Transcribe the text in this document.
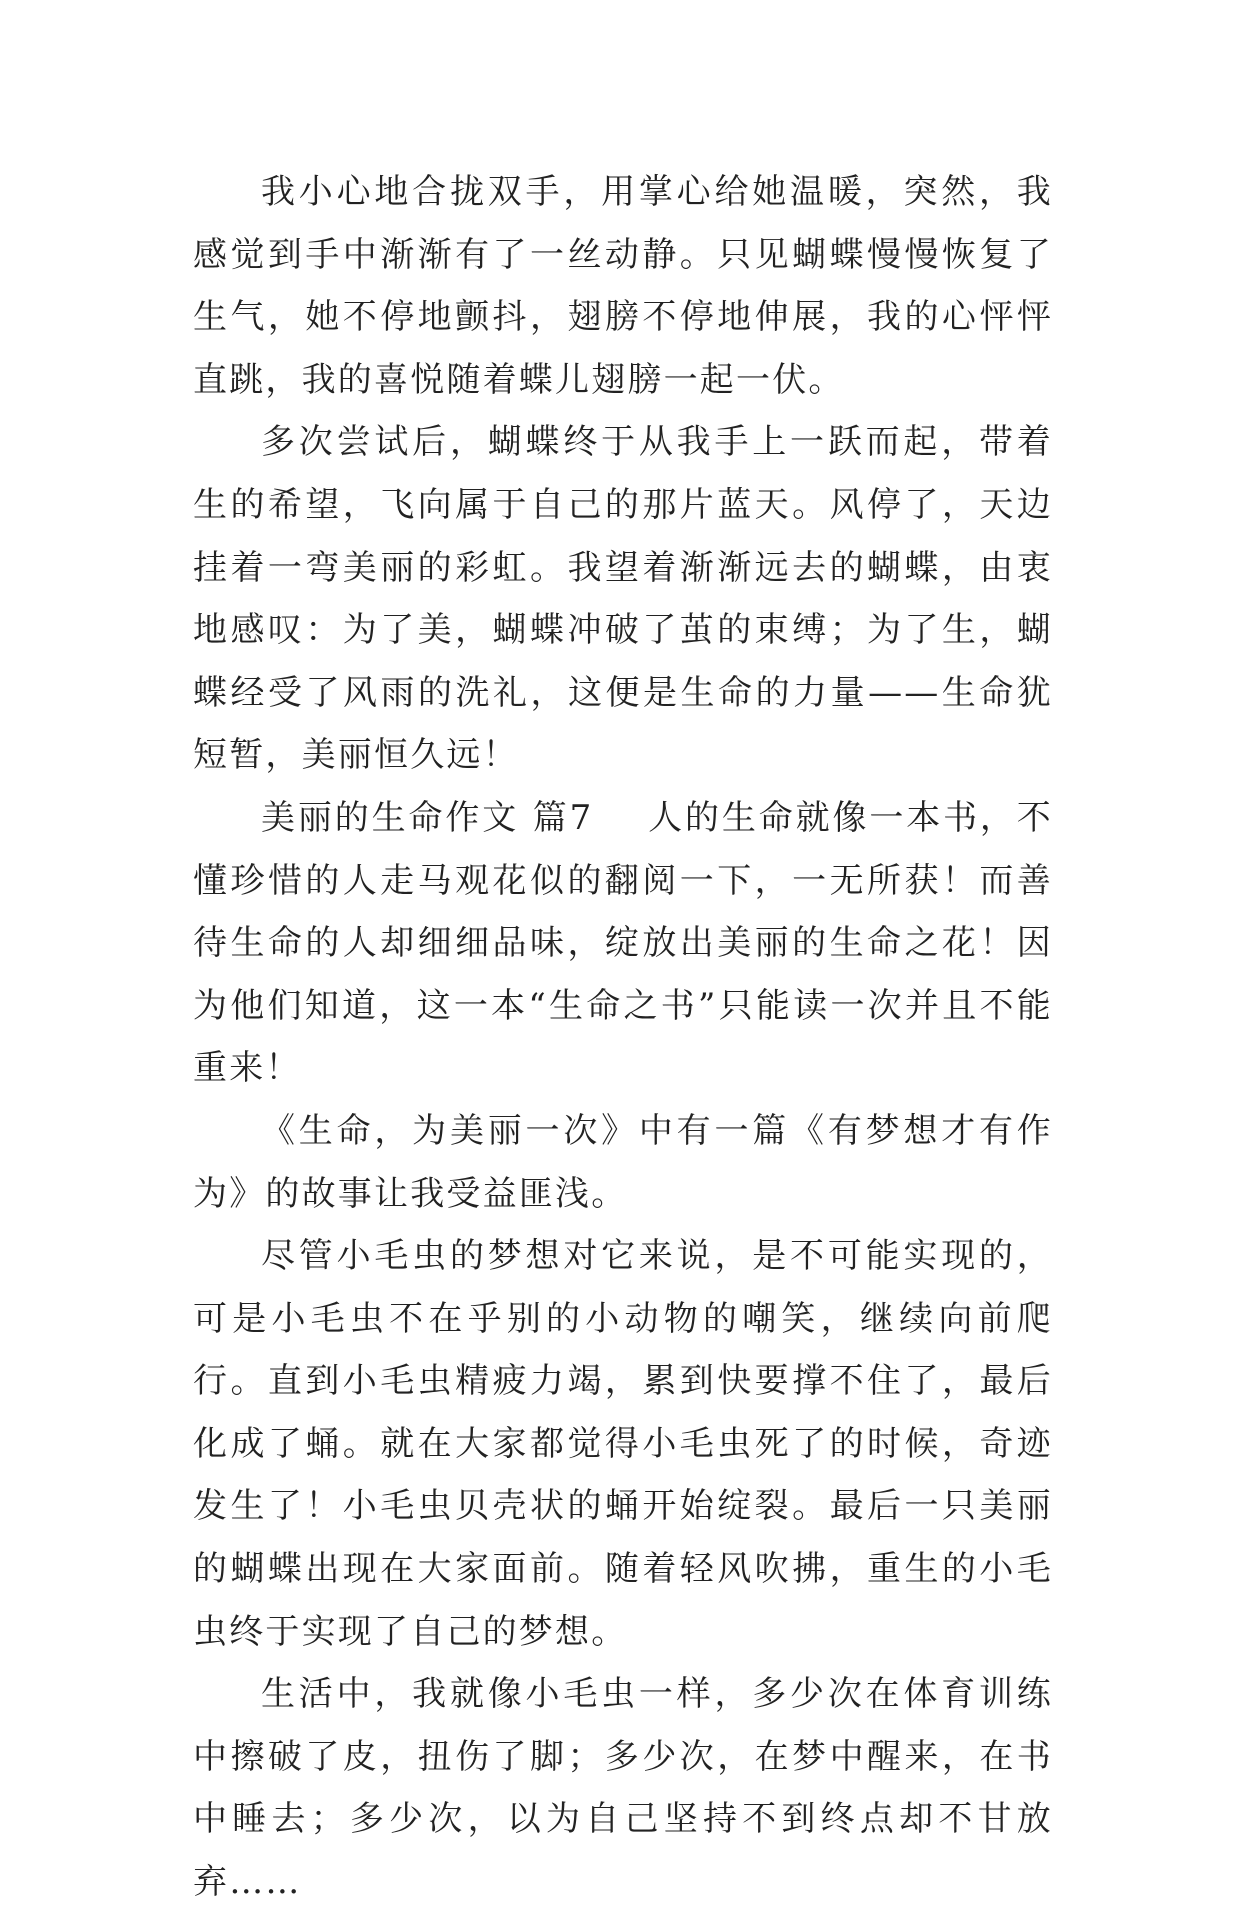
我小心地合拢双手，用掌心给她温暖，突然，我感觉到手中渐渐有了一丝动静。只见蝴蝶慢慢恢复了生气，她不停地颤抖，翅膀不停地伸展，我的心怦怦直跳，我的喜悦随着蝶儿翅膀一起一伏。

多次尝试后，蝴蝶终于从我手上一跃而起，带着生的希望，飞向属于自己的那片蓝天。风停了，天边挂着一弯美丽的彩虹。我望着渐渐远去的蝴蝶，由衷地感叹：为了美，蝴蝶冲破了茧的束缚；为了生，蝴蝶经受了风雨的洗礼，这便是生命的力量——生命犹短暂，美丽恒久远！

美丽的生命作文 篇7    人的生命就像一本书，不懂珍惜的人走马观花似的翻阅一下，一无所获！而善待生命的人却细细品味，绽放出美丽的生命之花！因为他们知道，这一本“生命之书”只能读一次并且不能重来！

《生命，为美丽一次》中有一篇《有梦想才有作为》的故事让我受益匪浅。

尽管小毛虫的梦想对它来说，是不可能实现的，可是小毛虫不在乎别的小动物的嘲笑，继续向前爬行。直到小毛虫精疲力竭，累到快要撑不住了，最后化成了蛹。就在大家都觉得小毛虫死了的时候，奇迹发生了！小毛虫贝壳状的蛹开始绽裂。最后一只美丽的蝴蝶出现在大家面前。随着轻风吹拂，重生的小毛虫终于实现了自己的梦想。

生活中，我就像小毛虫一样，多少次在体育训练中擦破了皮，扭伤了脚；多少次，在梦中醒来，在书中睡去；多少次，以为自己坚持不到终点却不甘放弃……
